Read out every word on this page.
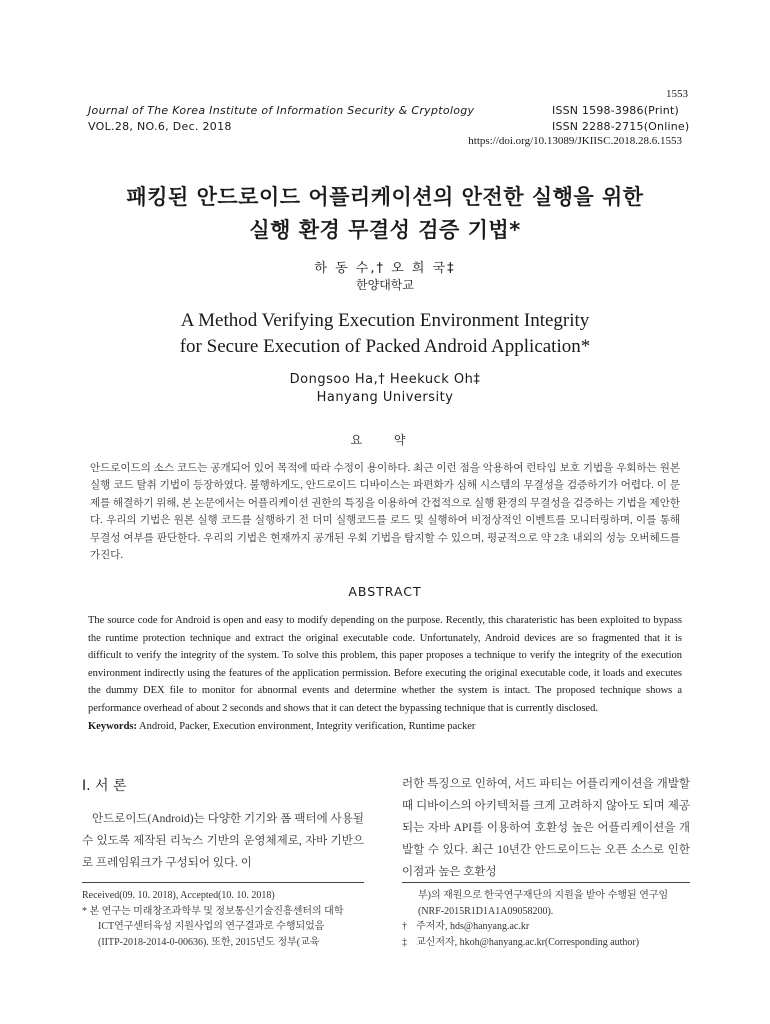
1553
Journal of The Korea Institute of Information Security & Cryptology
VOL.28, NO.6, Dec. 2018
ISSN 1598-3986(Print)
ISSN 2288-2715(Online)
https://doi.org/10.13089/JKIISC.2018.28.6.1553
패킹된 안드로이드 어플리케이션의 안전한 실행을 위한
실행 환경 무결성 검증 기법*
하 동 수,† 오 희 국‡
한양대학교
A Method Verifying Execution Environment Integrity
for Secure Execution of Packed Android Application*
Dongsoo Ha,† Heekuck Oh‡
Hanyang University
요 약
안드로이드의 소스 코드는 공개되어 있어 목적에 따라 수정이 용이하다. 최근 이런 점을 악용하여 런타임 보호 기법을 우회하는 원본 실행 코드 탈취 기법이 등장하였다. 불행하게도, 안드로이드 디바이스는 파편화가 심해 시스템의 무결성을 검증하기가 어렵다. 이 문제를 해결하기 위해, 본 논문에서는 어플리케이션 권한의 특징을 이용하여 간접적으로 실행 환경의 무결성을 검증하는 기법을 제안한다. 우리의 기법은 원본 실행 코드를 실행하기 전 더미 실행코드를 로드 및 실행하여 비정상적인 이벤트를 모니터링하며, 이를 통해 무결성 여부를 판단한다. 우리의 기법은 현재까지 공개된 우회 기법을 탐지할 수 있으며, 평균적으로 약 2초 내외의 성능 오버헤드를 가진다.
ABSTRACT
The source code for Android is open and easy to modify depending on the purpose. Recently, this charateristic has been exploited to bypass the runtime protection technique and extract the original executable code. Unfortunately, Android devices are so fragmented that it is difficult to verify the integrity of the system. To solve this problem, this paper proposes a technique to verify the integrity of the execution environment indirectly using the features of the application permission. Before executing the original executable code, it loads and executes the dummy DEX file to monitor for abnormal events and determine whether the system is intact. The proposed technique shows a performance overhead of about 2 seconds and shows that it can detect the bypassing technique that is currently disclosed.
Keywords: Android, Packer, Execution environment, Integrity verification, Runtime packer
I. 서 론
안드로이드(Android)는 다양한 기기와 폼 팩터에 사용될 수 있도록 제작된 리눅스 기반의 운영체제로, 자바 기반으로 프레임워크가 구성되어 있다. 이
러한 특징으로 인하여, 서드 파티는 어플리케이션을 개발할 때 디바이스의 아키텍처를 크게 고려하지 않아도 되며 제공되는 자바 API를 이용하여 호환성 높은 어플리케이션을 개발할 수 있다. 최근 10년간 안드로이드는 오픈 소스로 인한 이점과 높은 호환성
Received(09. 10. 2018), Accepted(10. 10. 2018)
* 본 연구는 미래창조과학부 및 정보통신기술진흥센터의 대학
ICT연구센터육성 지원사업의 연구결과로 수행되었음
(IITP-2018-2014-0-00636). 또한, 2015년도 정부(교육
부)의 재원으로 한국연구재단의 지원을 받아 수행된 연구임
(NRF-2015R1D1A1A09058200).
† 주저자, hds@hanyang.ac.kr
‡ 교신저자, hkoh@hanyang.ac.kr(Corresponding author)
